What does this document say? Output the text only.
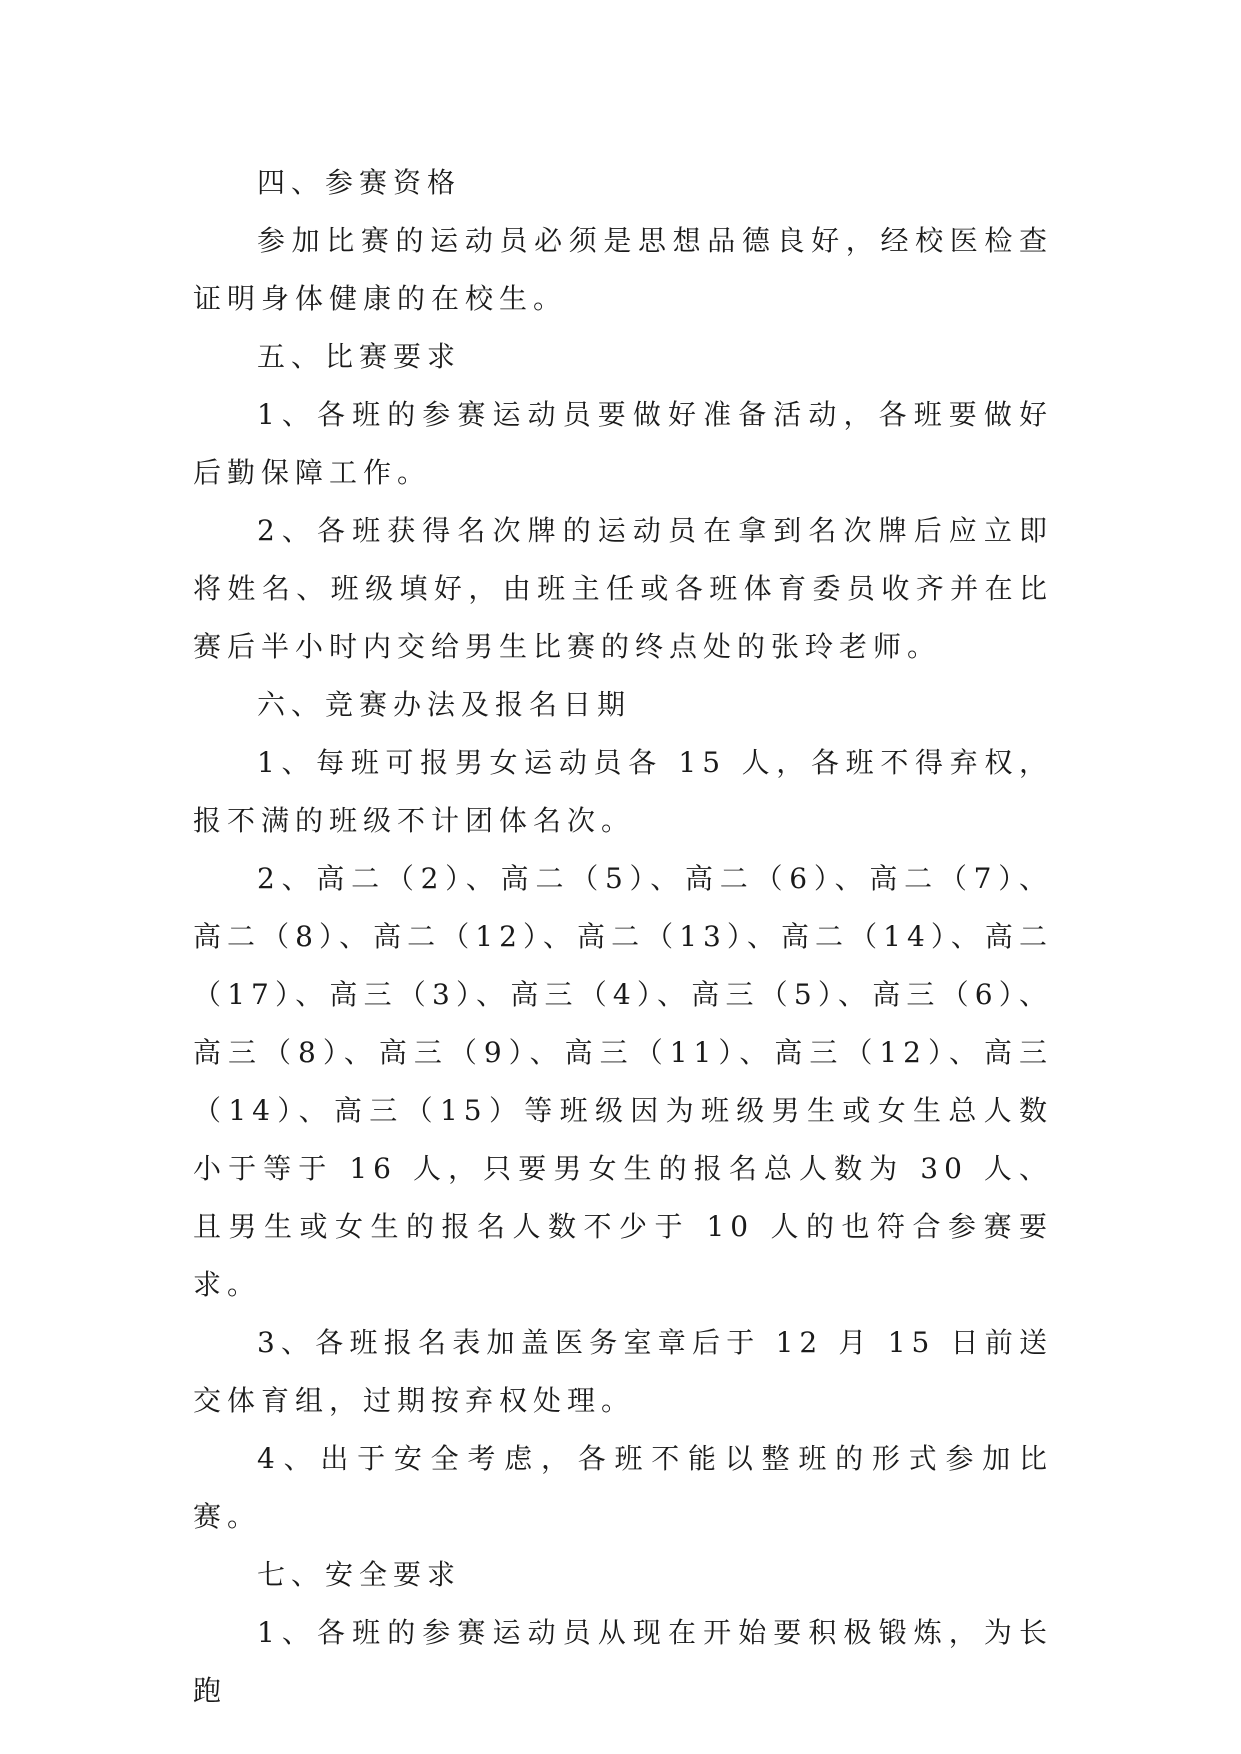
四、参赛资格

参加比赛的运动员必须是思想品德良好，经校医检查证明身体健康的在校生。

五、比赛要求

1、各班的参赛运动员要做好准备活动，各班要做好后勤保障工作。

2、各班获得名次牌的运动员在拿到名次牌后应立即将姓名、班级填好，由班主任或各班体育委员收齐并在比赛后半小时内交给男生比赛的终点处的张玲老师。

六、竞赛办法及报名日期

1、每班可报男女运动员各 15 人，各班不得弃权，报不满的班级不计团体名次。

2、高二（2）、高二（5）、高二（6）、高二（7）、高二（8）、高二（12）、高二（13）、高二（14）、高二（17）、高三（3）、高三（4）、高三（5）、高三（6）、高三（8）、高三（9）、高三（11）、高三（12）、高三（14）、高三（15）等班级因为班级男生或女生总人数小于等于 16 人，只要男女生的报名总人数为 30 人、且男生或女生的报名人数不少于 10 人的也符合参赛要求。

3、各班报名表加盖医务室章后于 12 月 15 日前送交体育组，过期按弃权处理。

4、出于安全考虑，各班不能以整班的形式参加比赛。

七、安全要求

1、各班的参赛运动员从现在开始要积极锻炼，为长跑
